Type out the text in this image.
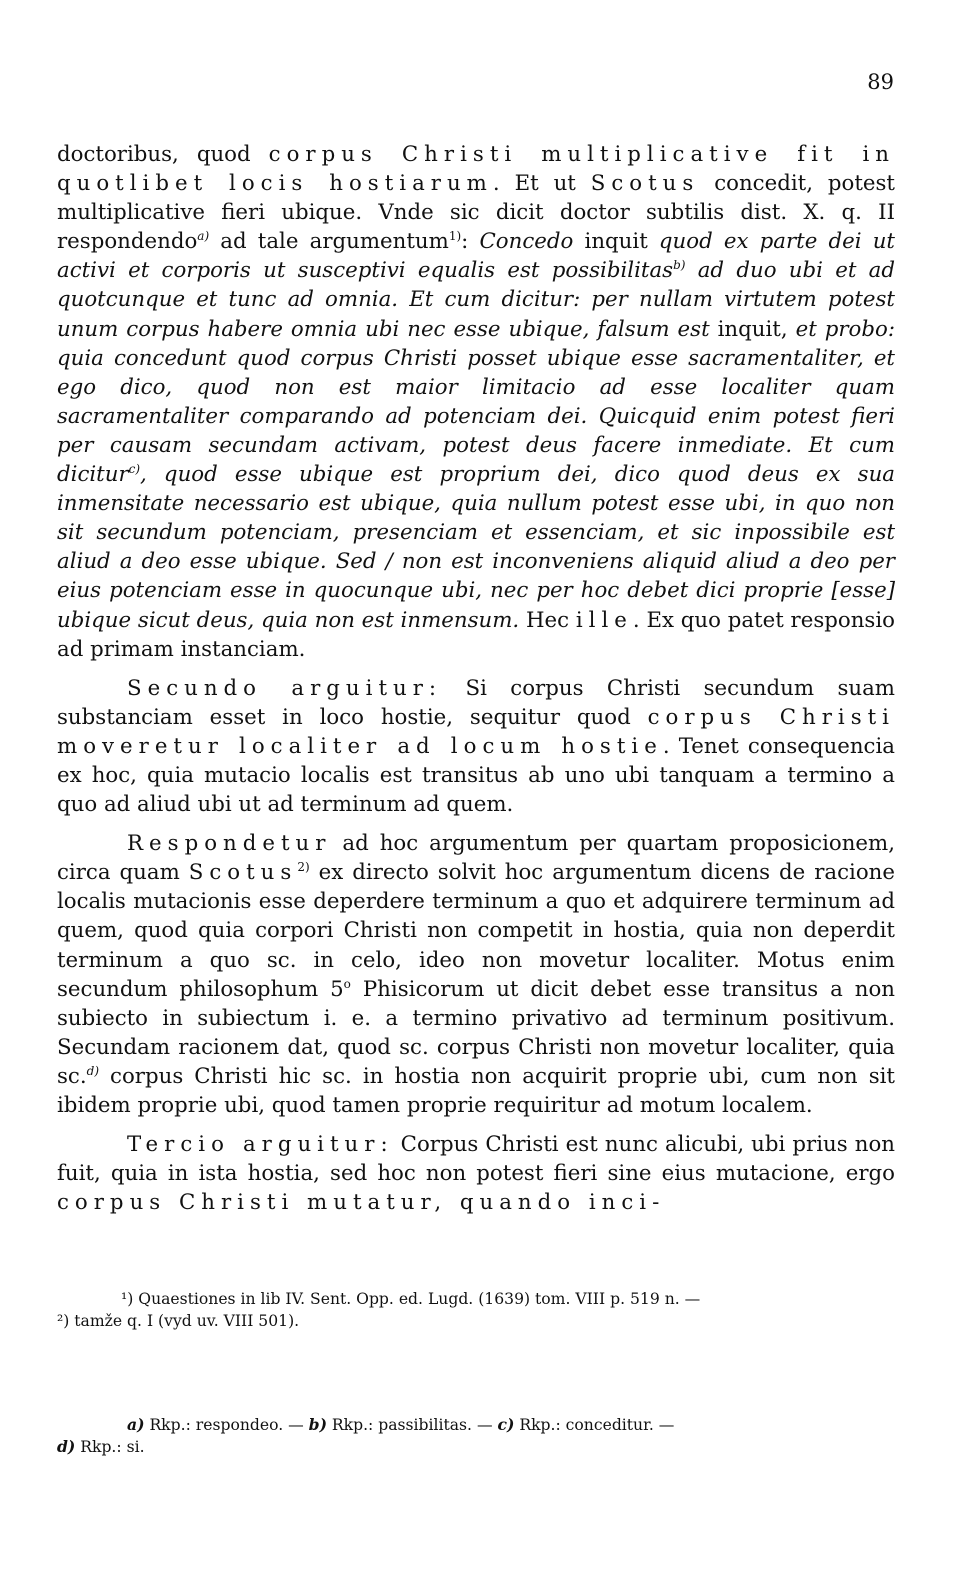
89

doctoribus, quod corpus Christi multiplicative fit in quotlibet locis hostiarum. Et ut Scotus concedit, potest multiplicative fieri ubique. Vnde sic dicit doctor subtilis dist. X. q. II respondendo$^{a)}$ ad tale argumentum$^{1)}$: Concedo inquit quod ex parte dei ut activi et corporis ut susceptivi equalis est possibilitas$^{b)}$ ad duo ubi et ad quotcunque et tunc ad omnia. Et cum dicitur: per nullam virtutem potest unum corpus habere omnia ubi nec esse ubique, falsum est inquit, et probo: quia concedunt quod corpus Christi posset ubique esse sacramentaliter, et ego dico, quod non est maior limitacio ad esse localiter quam sacramentaliter comparando ad potenciam dei. Quicquid enim potest fieri per causam secundam activam, potest deus facere inmediate. Et cum dicitur$^{c)}$, quod esse ubique est proprium dei, dico quod deus ex sua inmensitate necessario est ubique, quia nullum potest esse ubi, in quo non sit secundum potenciam, presenciam et essenciam, et sic inpossibile est aliud a deo esse ubique. Sed / non est inconveniens aliquid aliud a deo per eius potenciam esse in quocunque ubi, nec per hoc debet dici proprie [esse] ubique sicut deus, quia non est inmensum. Hec ille. Ex quo patet responsio ad primam instanciam.

Secundo arguitur: Si corpus Christi secundum suam substanciam esset in loco hostie, sequitur quod corpus Christi moveretur localiter ad locum hostie. Tenet consequencia ex hoc, quia mutacio localis est transitus ab uno ubi tanquam a termino a quo ad aliud ubi ut ad terminum ad quem.

Respondetur ad hoc argumentum per quartam proposicionem, circa quam Scotus$^{2)}$ ex directo solvit hoc argumentum dicens de racione localis mutacionis esse deperdere terminum a quo et adquirere terminum ad quem, quod quia corpori Christi non competit in hostia, quia non deperdit terminum a quo sc. in celo, ideo non movetur localiter. Motus enim secundum philosophum 5$^o$ Phisicorum ut dicit debet esse transitus a non subiecto in subiectum i. e. a termino privativo ad terminum positivum. Secundam racionem dat, quod sc. corpus Christi non movetur localiter, quia sc.$^{d)}$ corpus Christi hic sc. in hostia non acquirit proprie ubi, cum non sit ibidem proprie ubi, quod tamen proprie requiritur ad motum localem.

Tercio arguitur: Corpus Christi est nunc alicubi, ubi prius non fuit, quia in ista hostia, sed hoc non potest fieri sine eius mutacione, ergo corpus Christi mutatur, quando inci-

¹) Quaestiones in lib IV. Sent. Opp. ed. Lugd. (1639) tom. VIII p. 519 n. —

²) tamže q. I (vyd uv. VIII 501).

a) Rkp.: respondeo. — b) Rkp.: passibilitas. — c) Rkp.: conceditur. —

d) Rkp.: si.
